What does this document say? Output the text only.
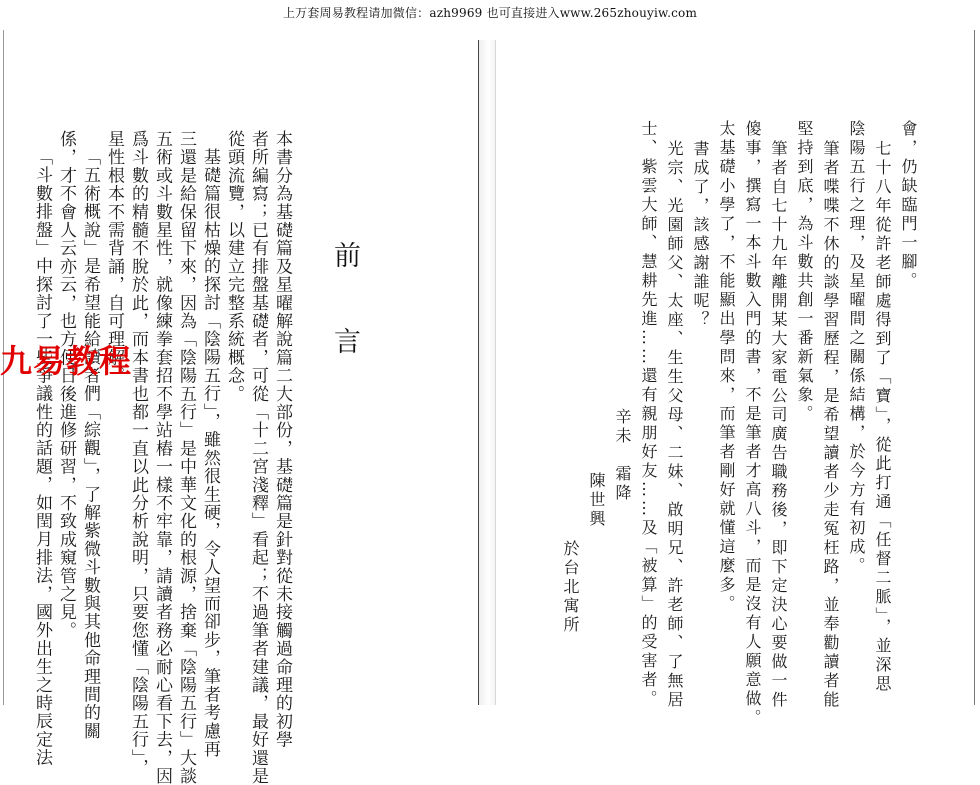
上万套周易教程请加微信：azh9969 也可直接进入www.265zhouyiw.com
前
言
本書分為基礎篇及星曜解說篇二大部份，基礎篇是針對從未接觸過命理的初學
者所編寫；已有排盤基礎者，可從「十二宮淺釋」看起；不過筆者建議，最好還是
從頭流覽，以建立完整系統概念。
基礎篇很枯燥的探討「陰陽五行」，雖然很生硬，令人望而卻步，筆者考慮再
三還是給保留下來，因為「陰陽五行」是中華文化的根源，捨棄「陰陽五行」大談
五術或斗數星性，就像練拳套招不學站樁一樣不牢靠，請讀者務必耐心看下去，因
爲斗數的精髓不脫於此，而本書也都一直以此分析說明，只要您懂「陰陽五行」，
星性根本不需背誦，自可理解。
「五術概說」是希望能給讀者們「綜觀」，了解紫微斗數與其他命理間的關
係，才不會人云亦云，也方便日後進修研習，不致成窺管之見。
「斗數排盤」中探討了一些爭議性的話題，如閏月排法，國外出生之時辰定法	會，仍缺臨門一腳。
七十八年從許老師處得到了「寶」，從此打通「任督二脈」，並深思
陰陽五行之理，及星曜間之關係結構，於今方有初成。
筆者喋喋不休的談學習歷程，是希望讀者少走冤枉路，並奉勸讀者能
堅持到底，為斗數共創一番新氣象。
筆者自七十九年離開某大家電公司廣告職務後，即下定決心要做一件
傻事，撰寫一本斗數入門的書，不是筆者才高八斗，而是沒有人願意做。
太基礎小學了，不能顯出學問來，而筆者剛好就懂這麼多。
書成了，該感謝誰呢？
光宗、光園師父、太座、生生父母、二妹、啟明兄、許老師、了無居
士、紫雲大師、慧耕先進……還有親朋好友……及「被算」的受害者。
辛未　霜降
陳世興
於台北寓所
九易教程
